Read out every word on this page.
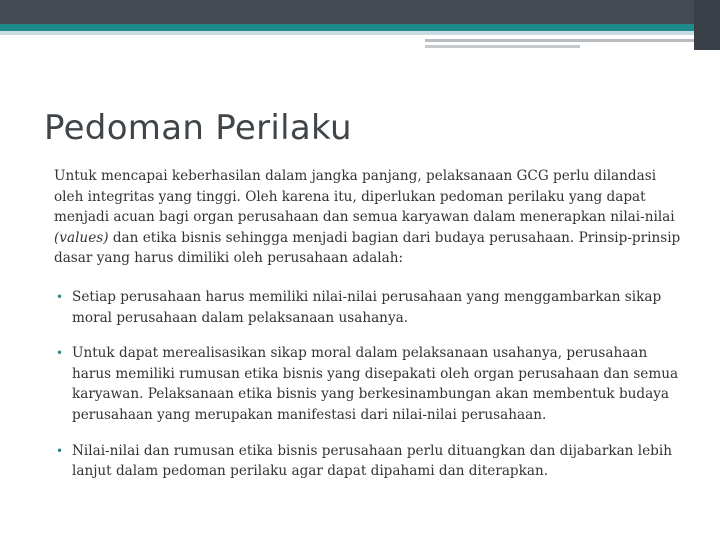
Pedoman Perilaku

Untuk mencapai keberhasilan dalam jangka panjang, pelaksanaan GCG perlu dilandasi oleh integritas yang tinggi. Oleh karena itu, diperlukan pedoman perilaku yang dapat menjadi acuan bagi organ perusahaan dan semua karyawan dalam menerapkan nilai-nilai (values) dan etika bisnis sehingga menjadi bagian dari budaya perusahaan. Prinsip-prinsip dasar yang harus dimiliki oleh perusahaan adalah:

• Setiap perusahaan harus memiliki nilai-nilai perusahaan yang menggambarkan sikap moral perusahaan dalam pelaksanaan usahanya.
• Untuk dapat merealisasikan sikap moral dalam pelaksanaan usahanya, perusahaan harus memiliki rumusan etika bisnis yang disepakati oleh organ perusahaan dan semua karyawan. Pelaksanaan etika bisnis yang berkesinambungan akan membentuk budaya perusahaan yang merupakan manifestasi dari nilai-nilai perusahaan.
• Nilai-nilai dan rumusan etika bisnis perusahaan perlu dituangkan dan dijabarkan lebih lanjut dalam pedoman perilaku agar dapat dipahami dan diterapkan.
